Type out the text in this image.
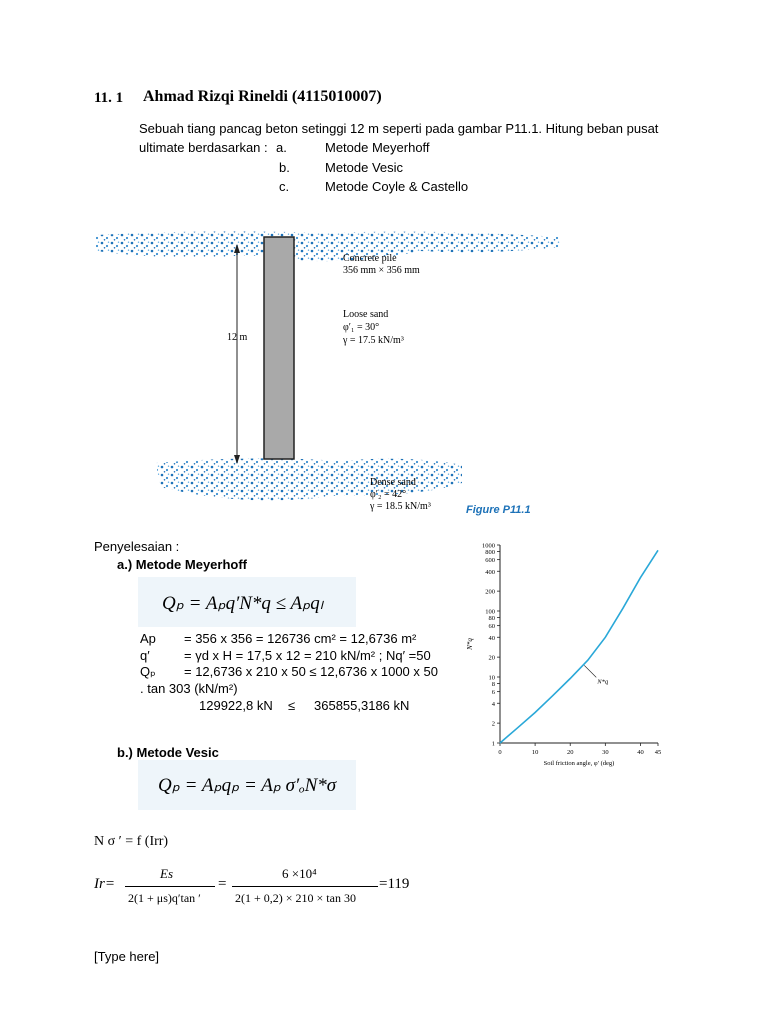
11. 1 Ahmad Rizqi Rineldi (4115010007)
Sebuah tiang pancag beton setinggi 12 m seperti pada gambar P11.1. Hitung beban pusat
ultimate berdasarkan : a.	Metode Meyerhoff
b.	Metode Vesic
c.	Metode Coyle & Castello
Concrete pile
356 mm × 356 mm
Loose sand
φ′₁ = 30°
γ = 17.5 kN/m³
12 m
Dense sand
φ′₂ = 42°
γ = 18.5 kN/m³	Figure P11.1
Penyelesaian :
a.) Metode Meyerhoff
Qₚ = Aₚq′N*q ≤ Aₚqₗ
Ap = 356 x 356 = 126736 cm² = 12,6736 m²
q′	= γd x H = 17,5 x 12 = 210 kN/m² ; Nq′ =50
Qₚ = 12,6736 x 210 x 50 ≤ 12,6736 x 1000 x 50
. tan 303 (kN/m²)
129922,8 kN ≤ 365855,3186 kN
b.) Metode Vesic
Qₚ = Aₚqₚ = Aₚ σ′ₒN*σ
N σ ′ = f (Irr)
Ir=
Es
2(1 + μs)q′tan ′
=
6 ×10⁴
2(1 + 0,2) × 210 × tan 30
=119
[Type here]
1000
800
600
400
200
100
80
60
40
20
10
8
6
4
2
1
0	10	20	30	40 45
Soil friction angle, φ′ (deg)
N*q
N*q
